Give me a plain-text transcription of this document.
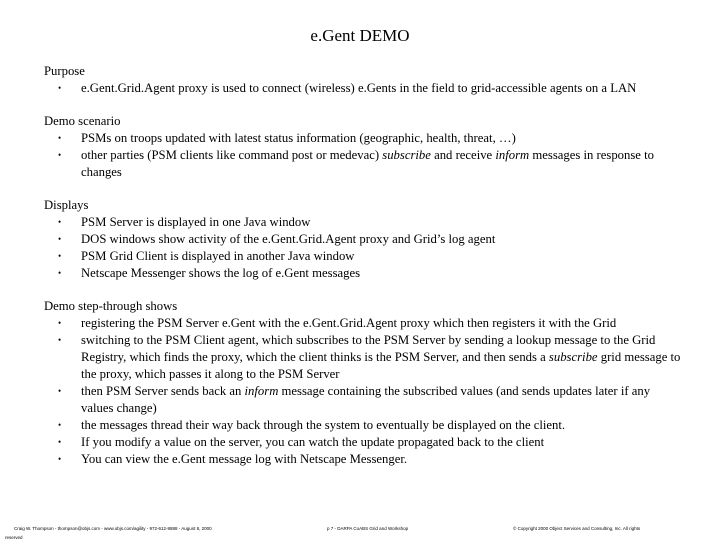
e.Gent DEMO
Purpose
• e.Gent.Grid.Agent proxy is used to connect (wireless) e.Gents in the field to grid-accessible agents on a LAN
Demo scenario
• PSMs on troops updated with latest status information (geographic, health, threat, …)
• other parties (PSM clients like command post or medevac) subscribe and receive inform messages in response to changes
Displays
• PSM Server is displayed in one Java window
• DOS windows show activity of the e.Gent.Grid.Agent proxy and Grid’s log agent
• PSM Grid Client is displayed in another Java window
• Netscape Messenger shows the log of e.Gent messages
Demo step-through shows
• registering the PSM Server e.Gent with the e.Gent.Grid.Agent proxy which then registers it with the Grid
• switching to the PSM Client agent, which subscribes to the PSM Server by sending a lookup message to the Grid Registry, which finds the proxy, which the client thinks is the PSM Server, and then sends a subscribe grid message to the proxy, which passes it along to the PSM Server
• then PSM Server sends back an inform message containing the subscribed values (and sends updates later if any values change)
• the messages thread their way back through the system to eventually be displayed on the client.
• If you modify a value on the server, you can watch the update propagated back to the client
• You can view the e.Gent message log with Netscape Messenger.
Craig W. Thompson - thompson@objs.com - www.objs.com/agility - 972-612-8888 - August 8, 2000	p 7 - DARPA CoABS Grid and Workshop	© Copyright 2000 Object Services and Consulting, Inc. All rights
reserved
